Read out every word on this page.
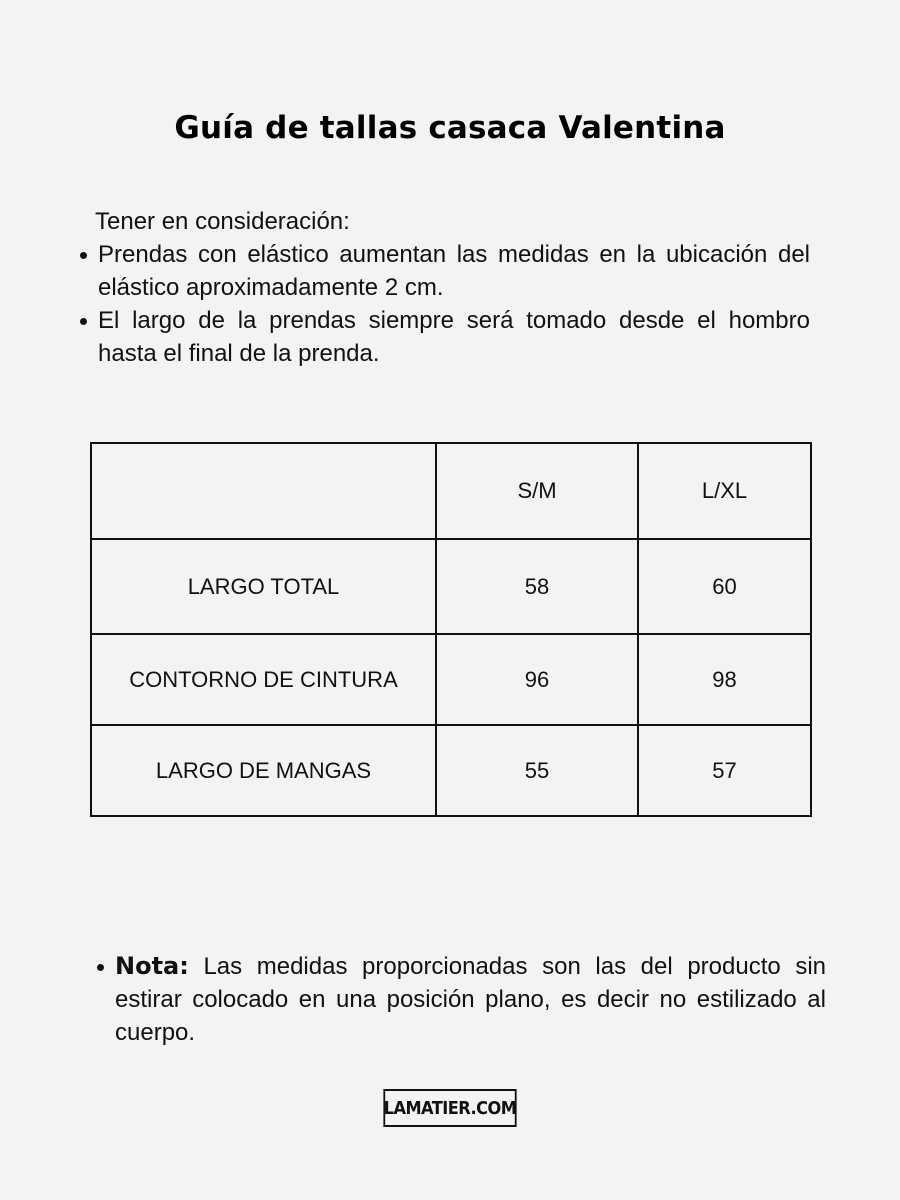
Guía de tallas casaca Valentina
Tener en consideración:
Prendas con elástico aumentan las medidas en la ubicación del elástico aproximadamente 2 cm.
El largo de la prendas siempre será tomado desde el hombro hasta el final de la prenda.
	S/M	L/XL
LARGO TOTAL	58	60
CONTORNO DE CINTURA	96	98
LARGO DE MANGAS	55	57
Nota: Las medidas proporcionadas son las del producto sin estirar colocado en una posición plano, es decir no estilizado al cuerpo.
LAMATIER.COM
